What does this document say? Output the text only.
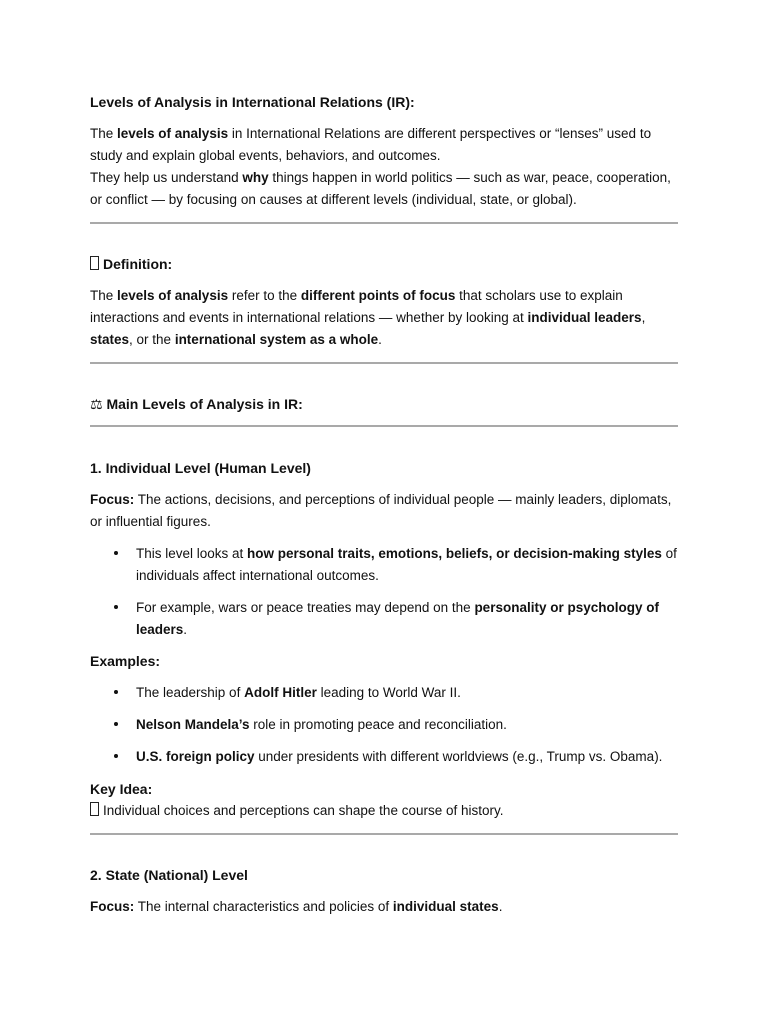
Levels of Analysis in International Relations (IR):

The levels of analysis in International Relations are different perspectives or “lenses” used to study and explain global events, behaviors, and outcomes.
They help us understand why things happen in world politics — such as war, peace, cooperation, or conflict — by focusing on causes at different levels (individual, state, or global).

Definition:

The levels of analysis refer to the different points of focus that scholars use to explain interactions and events in international relations — whether by looking at individual leaders, states, or the international system as a whole.

⚖ Main Levels of Analysis in IR:

1. Individual Level (Human Level)

Focus: The actions, decisions, and perceptions of individual people — mainly leaders, diplomats, or influential figures.

This level looks at how personal traits, emotions, beliefs, or decision-making styles of individuals affect international outcomes.

For example, wars or peace treaties may depend on the personality or psychology of leaders.

Examples:

The leadership of Adolf Hitler leading to World War II.

Nelson Mandela’s role in promoting peace and reconciliation.

U.S. foreign policy under presidents with different worldviews (e.g., Trump vs. Obama).

Key Idea:

Individual choices and perceptions can shape the course of history.

2. State (National) Level

Focus: The internal characteristics and policies of individual states.
